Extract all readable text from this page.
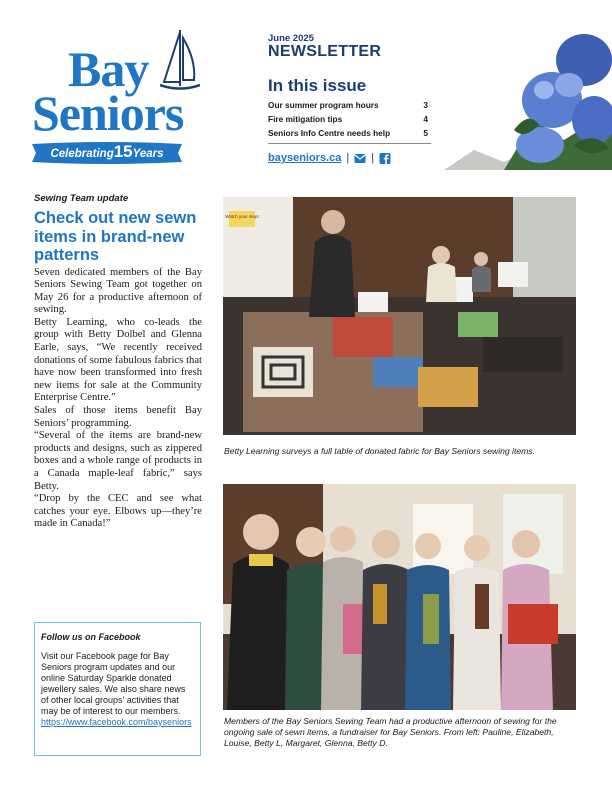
Bay
Seniors
Celebrating15Years
June 2025
NEWSLETTER
In this issue
Our summer program hours	3
Fire mitigation tips	4
Seniors Info Centre needs help	5
bayseniors.ca | |
Sewing Team update
Check out new sewn items in brand-new patterns

Seven dedicated members of the Bay Seniors Sewing Team got together on May 26 for a productive afternoon of sewing.

Betty Learning, who co-leads the group with Betty Dolbel and Glenna Earle, says, “We recently received donations of some fabulous fabrics that have now been transformed into fresh new items for sale at the Community Enterprise Centre.”

Sales of those items benefit Bay Seniors’ programming.

“Several of the items are brand-new products and designs, such as zippered boxes and a whole range of products in a Canada maple-leaf fabric,” says Betty.

“Drop by the CEC and see what catches your eye. Elbows up—they’re made in Canada!”

Follow us on Facebook
Visit our Facebook page for Bay Seniors program updates and our online Saturday Sparkle donated jewellery sales. We also share news of other local groups’ activities that may be of interest to our members. https://www.facebook.com/bayseniors
Watch your step!
Betty Learning surveys a full table of donated fabric for Bay Seniors sewing items.
Members of the Bay Seniors Sewing Team had a productive afternoon of sewing for the ongoing sale of sewn items, a fundraiser for Bay Seniors. From left: Pauline, Elizabeth, Louise, Betty L, Margaret, Glenna, Betty D.
